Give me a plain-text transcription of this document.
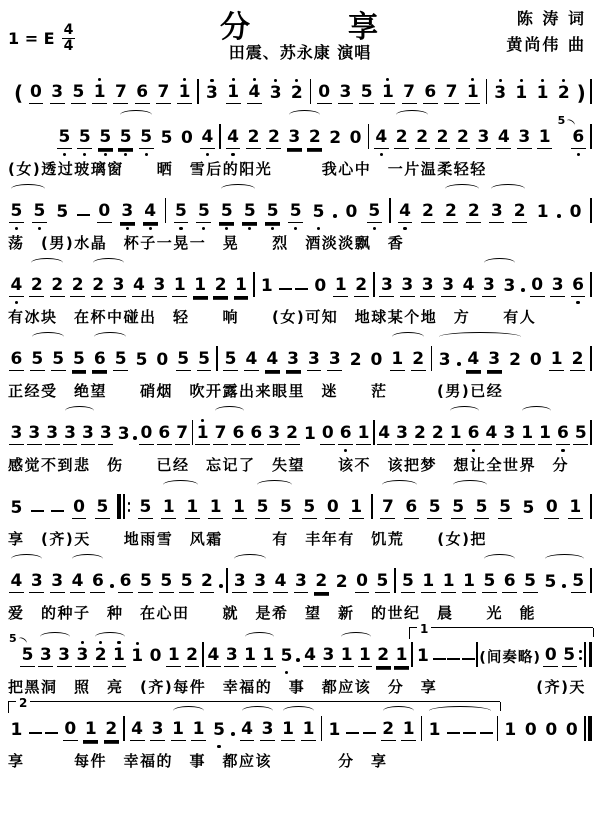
1 = E 4
4
分　　　享
田震、苏永康 演唱
陈 涛 词
黄尚伟 曲
( 0 3 5 1 7 6 7 1 3 1 4 3 2 0 3 5 1 7 6 7 1 3 1 1 2 )
5 5 5 5 5 5 0 4 4 2 2 3 2 2 0 4 2 2 2 2 3 4 3 1
5
6
(女)透过玻璃窗　　晒　雪后的阳光　　　我心中　一片温柔轻轻
5 5 5 0 3 4 5 5 5 5 5 5 5 0 5 4 2 2 2 3 2 1 0
荡　(男)水晶　杯子一晃一　晃　　烈　酒淡淡飘　香
4 2 2 2 2 3 4 3 1 1 2 1 1 0 1 2 3 3 3 3 4 3 3 0 3 6
有冰块　在杯中碰出　轻　　响　　(女)可知　地球某个地　方　　有人
6 5 5 5 6 5 5 0 5 5 5 4 4 3 3 3 2 0 1 2 3 4 3 2 0 1 2
正经受　绝望　　硝烟　吹开露出来眼里　迷　　茫　　　(男)已经
3 3 3 3 3 3 3 0 6 7 1 7 6 6 3 2 1 0 6 1 4 3 2 2 1 6 4 3 1 1 6 5
感觉不到悲　伤　　已经　忘记了　失望　　该不　该把梦　想让全世界　分
5	0 5 5 1 1 1 1 5 5 5 0 1 7 6 5 5 5 5 5 0 1
享　(齐)天　　地雨雪　风霜　　　有　丰年有　饥荒　　(女)把
4 3 3 4 6 6 5 5 5 2 3 3 4 3 2 2 0 5 5 1 1 1 5 6 5 5 5
爱　的种子　种　在心田　　就　是希　望　新　的世纪　晨　　光　能
1
5
5 3 3 3 2 1 1 0 1 2 4 3 1 1 5 4 3 1 1 2 1 1	(间奏略) 0 5
把黑洞　照　亮　(齐)每件　幸福的　事　都应该　分　享　　　　　　(齐)天
2
1 0 1 2 4 3 1 1 5 4 3 1 1 1 2 1 1	1 0 0 0
享　　　每件　幸福的　事　都应该　　　　分　享
